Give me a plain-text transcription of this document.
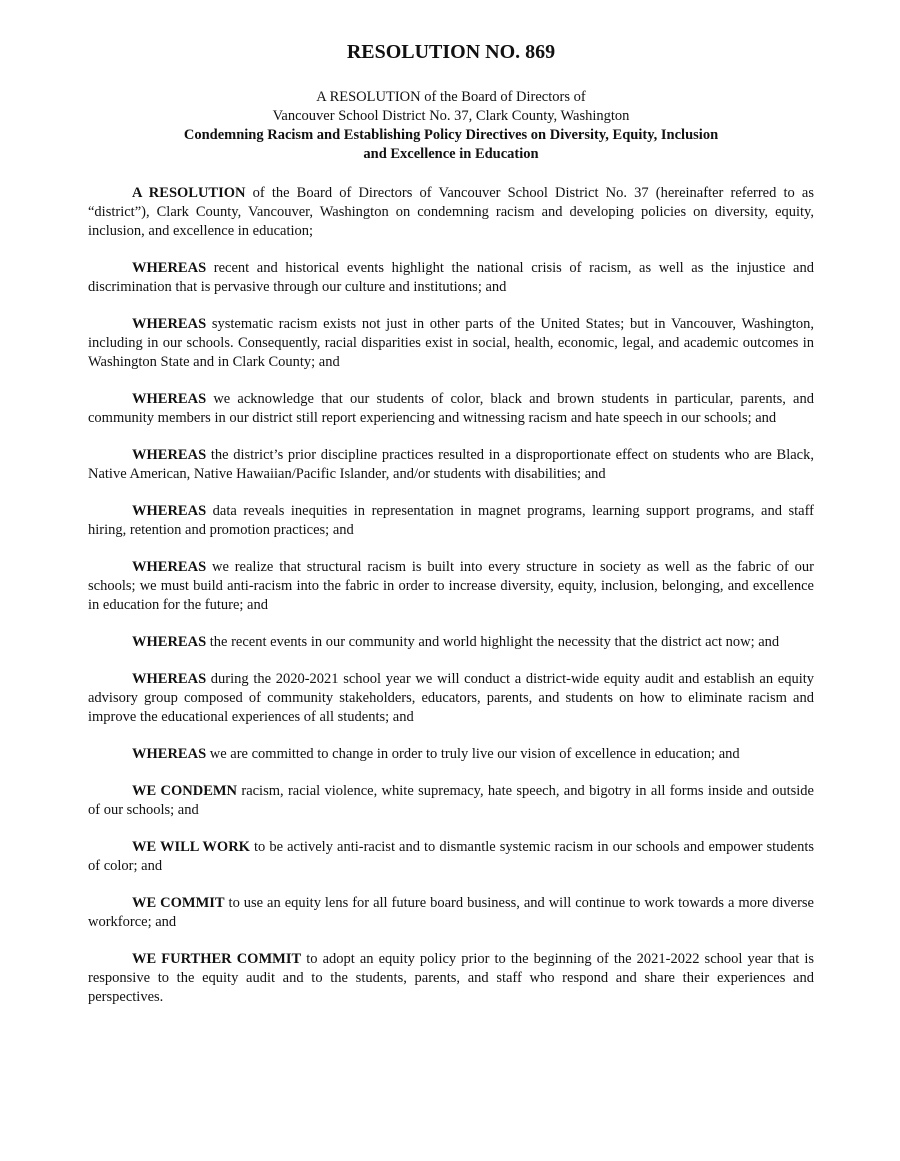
RESOLUTION NO. 869
A RESOLUTION of the Board of Directors of
Vancouver School District No. 37, Clark County, Washington
Condemning Racism and Establishing Policy Directives on Diversity, Equity, Inclusion
and Excellence in Education

A RESOLUTION of the Board of Directors of Vancouver School District No. 37 (hereinafter referred to as “district”), Clark County, Vancouver, Washington on condemning racism and developing policies on diversity, equity, inclusion, and excellence in education;

WHEREAS recent and historical events highlight the national crisis of racism, as well as the injustice and discrimination that is pervasive through our culture and institutions; and

WHEREAS systematic racism exists not just in other parts of the United States; but in Vancouver, Washington, including in our schools. Consequently, racial disparities exist in social, health, economic, legal, and academic outcomes in Washington State and in Clark County; and

WHEREAS we acknowledge that our students of color, black and brown students in particular, parents, and community members in our district still report experiencing and witnessing racism and hate speech in our schools; and

WHEREAS the district’s prior discipline practices resulted in a disproportionate effect on students who are Black, Native American, Native Hawaiian/Pacific Islander, and/or students with disabilities; and

WHEREAS data reveals inequities in representation in magnet programs, learning support programs, and staff hiring, retention and promotion practices; and

WHEREAS we realize that structural racism is built into every structure in society as well as the fabric of our schools; we must build anti-racism into the fabric in order to increase diversity, equity, inclusion, belonging, and excellence in education for the future; and

WHEREAS the recent events in our community and world highlight the necessity that the district act now; and

WHEREAS during the 2020-2021 school year we will conduct a district-wide equity audit and establish an equity advisory group composed of community stakeholders, educators, parents, and students on how to eliminate racism and improve the educational experiences of all students; and

WHEREAS we are committed to change in order to truly live our vision of excellence in education; and

WE CONDEMN racism, racial violence, white supremacy, hate speech, and bigotry in all forms inside and outside of our schools; and

WE WILL WORK to be actively anti-racist and to dismantle systemic racism in our schools and empower students of color; and

WE COMMIT to use an equity lens for all future board business, and will continue to work towards a more diverse workforce; and

WE FURTHER COMMIT to adopt an equity policy prior to the beginning of the 2021-2022 school year that is responsive to the equity audit and to the students, parents, and staff who respond and share their experiences and perspectives.
